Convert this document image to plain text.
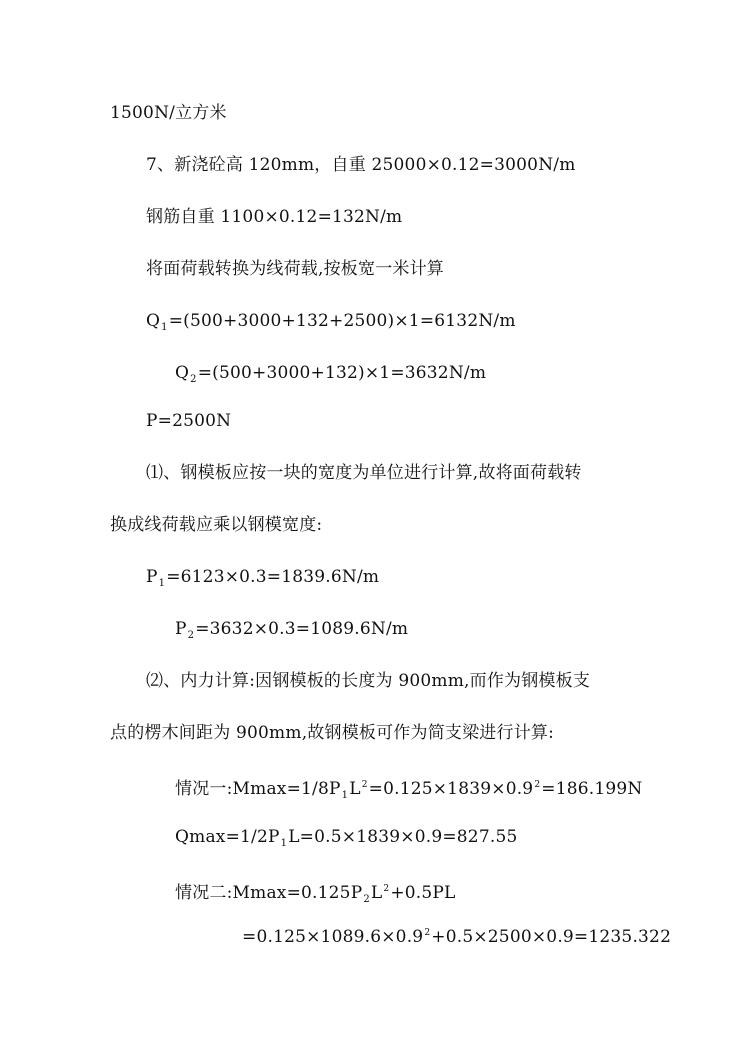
1500N/立方米
7、新浇砼高 120mm，自重 25000×0.12=3000N/m
钢筋自重 1100×0.12=132N/m
将面荷载转换为线荷载,按板宽一米计算
$Q_1=(500+3000+132+2500)\times 1=6132N/m$
$Q_2=(500+3000+132)\times 1=3632N/m$
P=2500N
⑴、钢模板应按一块的宽度为单位进行计算,故将面荷载转
换成线荷载应乘以钢模宽度:
$P_1=6123\times 0.3=1839.6N/m$
$P_2=3632\times 0.3=1089.6N/m$
⑵、内力计算:因钢模板的长度为 900mm,而作为钢模板支
点的楞木间距为 900mm,故钢模板可作为简支梁进行计算:
情况一$:Mmax=1/8P_1L^2=0.125\times 1839\times 0.9^2=186.199N$
$Qmax=1/2P_1L=0.5\times 1839\times 0.9=827.55$
情况二$:Mmax=0.125P_2L^2+0.5PL$
$=0.125\times 1089.6\times 0.9^2+0.5\times 2500\times 0.9=1235.322$
